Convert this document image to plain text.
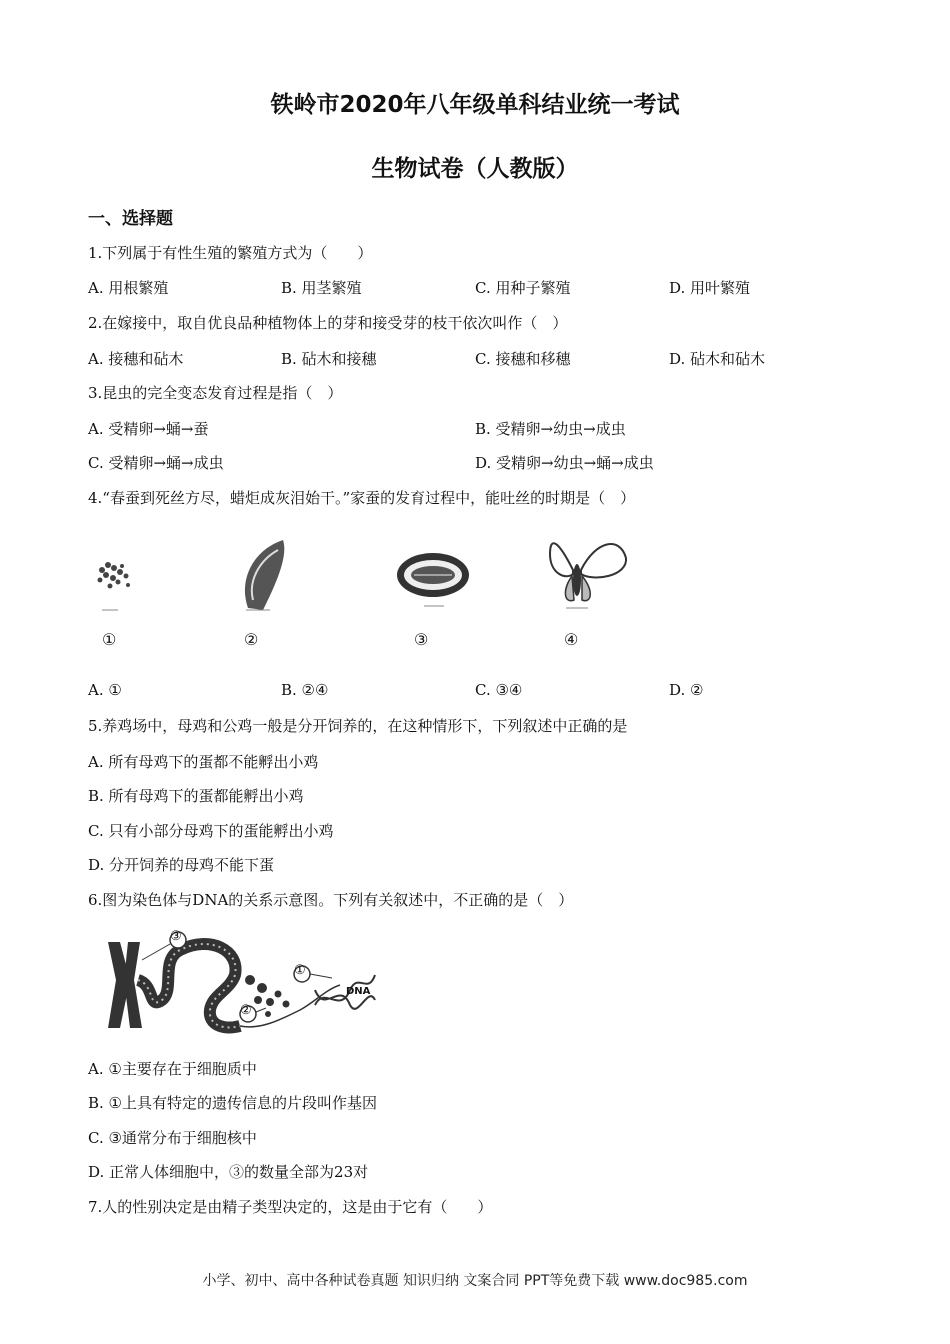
铁岭市2020年八年级单科结业统一考试
生物试卷（人教版）
一、选择题
1.下列属于有性生殖的繁殖方式为（　　）
A. 用根繁殖	B. 用茎繁殖	C. 用种子繁殖	D. 用叶繁殖
2.在嫁接中，取自优良品种植物体上的芽和接受芽的枝干依次叫作（　）
A. 接穗和砧木	B. 砧木和接穗	C. 接穗和移穗	D. 砧木和砧木
3.昆虫的完全变态发育过程是指（　）
A. 受精卵→蛹→蚕	B. 受精卵→幼虫→成虫
C. 受精卵→蛹→成虫	D. 受精卵→幼虫→蛹→成虫
4.“春蚕到死丝方尽，蜡炬成灰泪始干。”家蚕的发育过程中，能吐丝的时期是（　）
①	②	③	④
A. ①	B. ②④	C. ③④	D. ②
5.养鸡场中，母鸡和公鸡一般是分开饲养的，在这种情形下，下列叙述中正确的是
A. 所有母鸡下的蛋都不能孵出小鸡
B. 所有母鸡下的蛋都能孵出小鸡
C. 只有小部分母鸡下的蛋能孵出小鸡
D. 分开饲养的母鸡不能下蛋
6.图为染色体与DNA的关系示意图。下列有关叙述中，不正确的是（　）
③
①
②
DNA
A. ①主要存在于细胞质中
B. ①上具有特定的遗传信息的片段叫作基因
C. ③通常分布于细胞核中
D. 正常人体细胞中，③的数量全部为23对
7.人的性别决定是由精子类型决定的，这是由于它有（　　）
小学、初中、高中各种试卷真题 知识归纳 文案合同 PPT等免费下载 www.doc985.com
